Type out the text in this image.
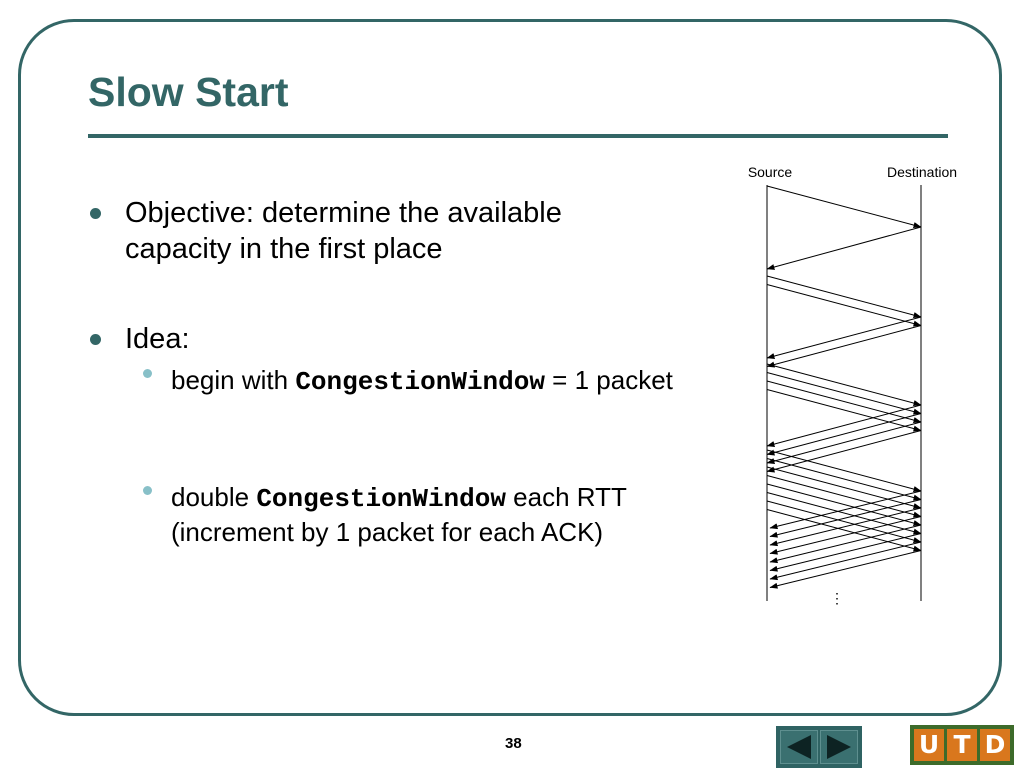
Slow Start
Objective: determine the available capacity in the first place
Idea:
begin with CongestionWindow = 1 packet
double CongestionWindow each RTT (increment by 1 packet for each ACK)
Source	Destination
⋮
38	U T D
